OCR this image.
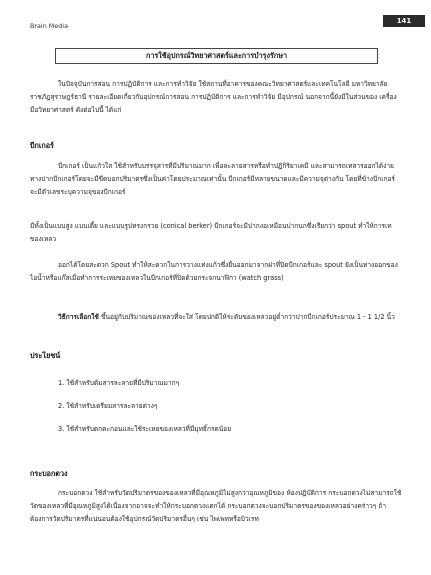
Brain Media
141
การใช้อุปกรณ์วิทยาศาสตร์และการบำรุงรักษา

ในปัจจุบันการสอน การปฏิบัติการ และการทำวิจัย ใช้สถานที่อาคารของคณะวิทยาศาสตร์และเทคโนโลยี มหาวิทยาลัยราชภัฏสุราษฎร์ธานี รายละเอียดเกี่ยวกับอุปกรณ์การสอน การปฏิบัติการ และการทำวิจัย มีอุปกรณ์ นอกจากนี้ยังมีในส่วนของ เครื่องมือวิทยาศาสตร์ ดังต่อไปนี้ ได้แก่

บีกเกอร์

บีกเกอร์ เป็นแก้วใส ใช้สำหรับบรรจุสารที่มีปริมาณมาก เพื่อละลายสารหรือทำปฏิกิริยาเคมี และสามารถเทสารออกได้ง่ายทางปากบีกเกอร์โดยจะมีขีดบอกปริมาตรซึ่งเป็นค่าโดยประมาณเท่านั้น บีกเกอร์มีหลายขนาดและมีความจุต่างกัน โดยที่ข้างบีกเกอร์จะมีตัวเลขระบุความจุของบีกเกอร์

มีทั้งเป็นแบบสูง แบบเตี้ย และแบบรูปทรงกรวย (conical berker) บีกเกอร์จะมีปากงอเหมือนปากนกซึ่งเรียกว่า spout ทำให้การเทของเหลว

ออกได้โดยสะดวก Spout ทำให้สะดวกในการวางแท่งแก้วซึ่งยื่นออกมาจากฝาที่ปิดบีกเกอร์และ spout ยังเป็นทางออกของไอน้ำหรือแก๊สเมื่อทำการระเหยของเหลวในบีกเกอร์ที่ปิดด้วยกระจกนาฬิกา (watch grass)

วิธีการเลือกใช้ ขึ้นอยู่กับปริมาณของเหลวที่จะใส่ โดยปกติให้ระดับของเหลวอยู่ต่ำกว่าปากบีกเกอร์ประมาณ 1 - 1 1/2 นิ้ว

ประโยชน์

1. ใช้สำหรับต้มสารละลายที่มีปริมาณมากๆ

2. ใช้สำหรับเตรียมสารละลายต่างๆ

3. ใช้สำหรับตกตะกอนและใช้ระเหยของเหลวที่มีมุทธิ์กรดน้อย

กระบอกตวง

กระบอกตวง ใช้สำหรับวัดปริมาตรของของเหลวที่มีอุณหภูมิไม่สูงกว่าอุณหภูมิของ ห้องปฏิบัติการ กระบอกตวงไม่สามารถใช้วัดของเหลวที่มีอุณหภูมิสูงได้เนื่องจากอาจจะทำให้กระบอกตวงแตกได้ กระบอกตวงจะบอกปริมาตรของของเหลวอย่างคร่าวๆ ถ้าต้องการวัดปริมาตรที่แน่นอนต้องใช้อุปกรณ์วัดปริมาตรอื่นๆ เช่น ไพเพทหรือบิวเรท
